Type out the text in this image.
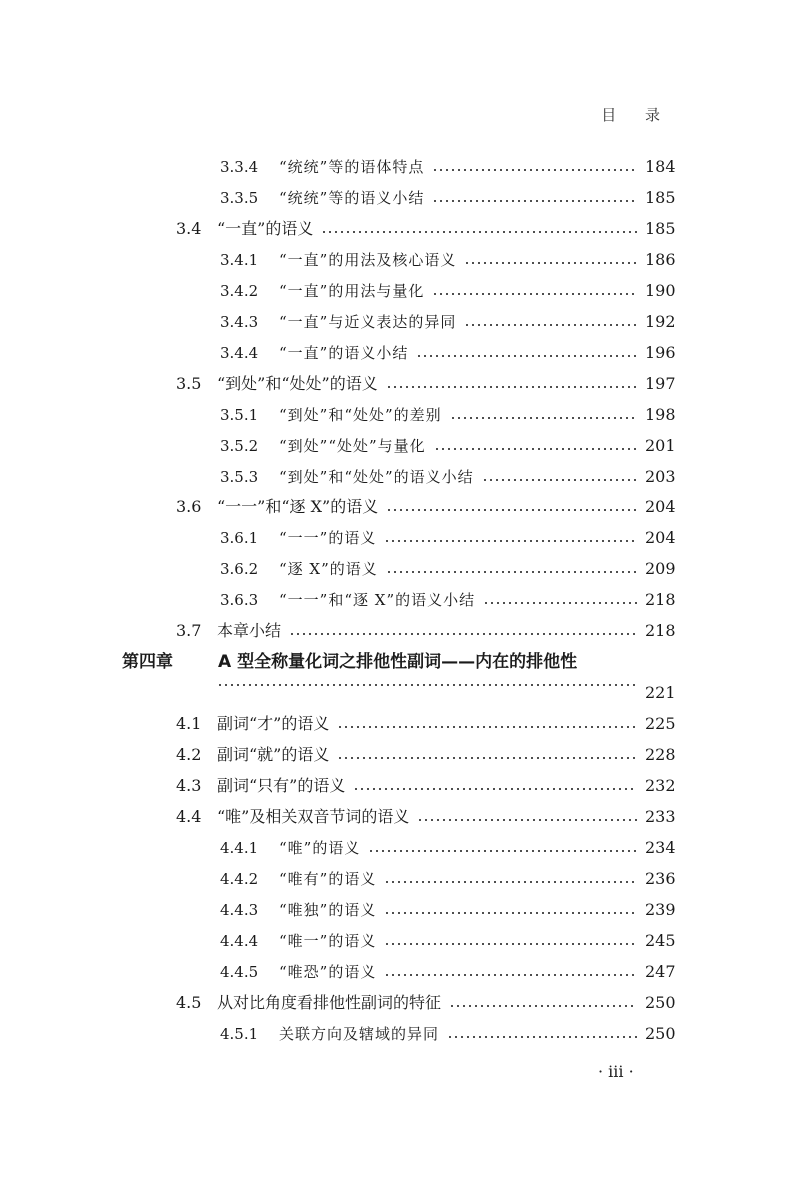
目 录
3.3.4 “统统”等的语体特点	184
3.3.5 “统统”等的语义小结	185
3.4 “一直”的语义	185
3.4.1 “一直”的用法及核心语义	186
3.4.2 “一直”的用法与量化	190
3.4.3 “一直”与近义表达的异同	192
3.4.4 “一直”的语义小结	196
3.5 “到处”和“处处”的语义	197
3.5.1 “到处”和“处处”的差别	198
3.5.2 “到处”“处处”与量化	201
3.5.3 “到处”和“处处”的语义小结	203
3.6 “一一”和“逐 X”的语义	204
3.6.1 “一一”的语义	204
3.6.2 “逐 X”的语义	209
3.6.3 “一一”和“逐 X”的语义小结	218
3.7 本章小结	218
第四章	A 型全称量化词之排他性副词——内在的排他性
221
4.1 副词“才”的语义	225
4.2 副词“就”的语义	228
4.3 副词“只有”的语义	232
4.4 “唯”及相关双音节词的语义	233
4.4.1 “唯”的语义	234
4.4.2 “唯有”的语义	236
4.4.3 “唯独”的语义	239
4.4.4 “唯一”的语义	245
4.4.5 “唯恐”的语义	247
4.5 从对比角度看排他性副词的特征	250
4.5.1 关联方向及辖域的异同	250
· iii ·
